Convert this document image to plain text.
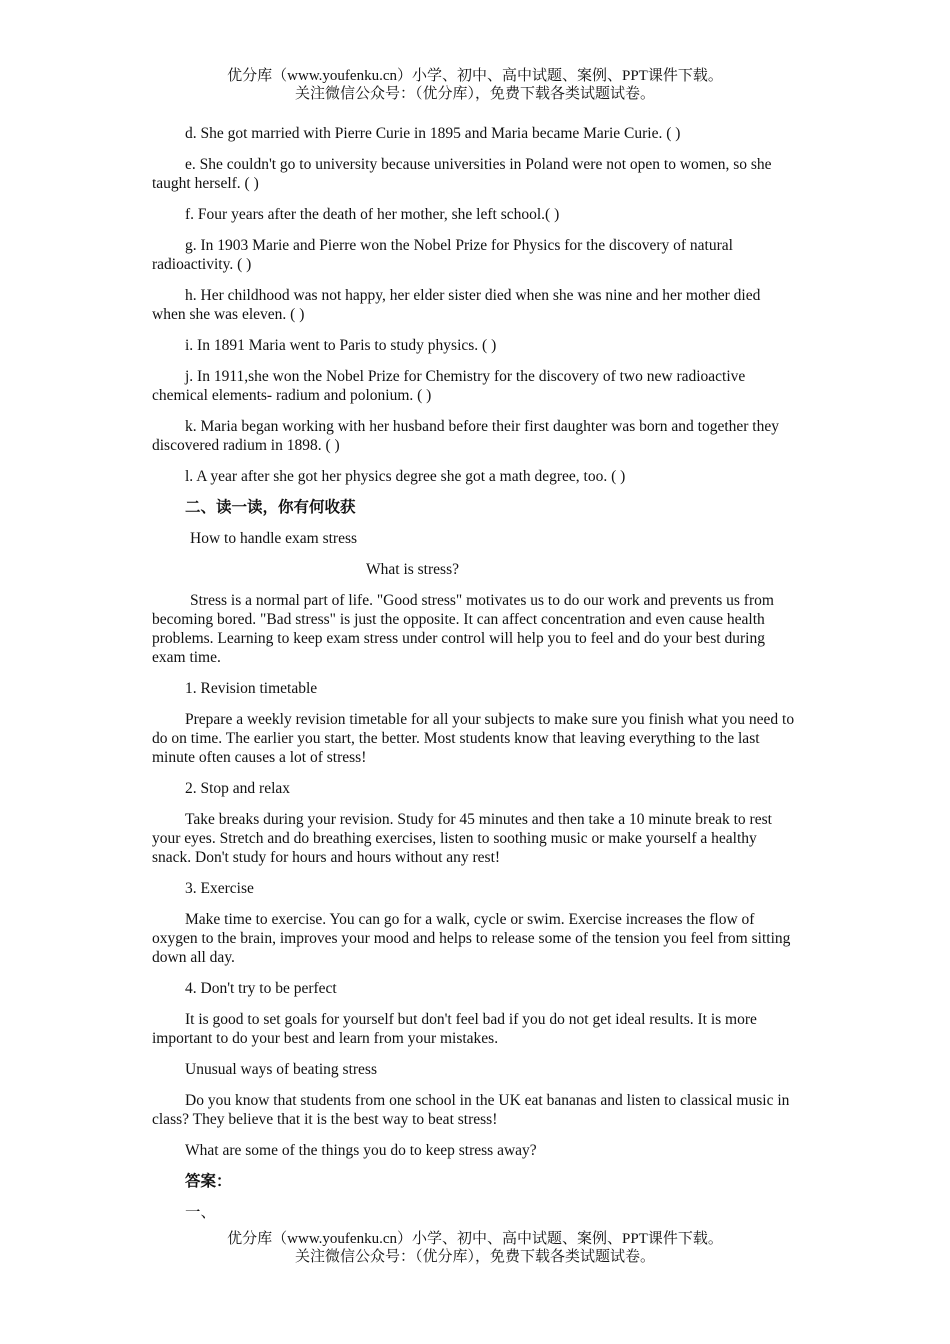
优分库（www.youfenku.cn）小学、初中、高中试题、案例、PPT课件下载。
关注微信公众号：（优分库），免费下载各类试题试卷。

d. She got married with Pierre Curie in 1895 and Maria became Marie Curie. ( )

e. She couldn't go to university because universities in Poland were not open to women, so she taught herself. ( )

f. Four years after the death of her mother, she left school.( )

g. In 1903 Marie and Pierre won the Nobel Prize for Physics for the discovery of natural radioactivity. ( )

h. Her childhood was not happy, her elder sister died when she was nine and her mother died when she was eleven. ( )

i. In 1891 Maria went to Paris to study physics. ( )

j. In 1911,she won the Nobel Prize for Chemistry for the discovery of two new radioactive chemical elements- radium and polonium. ( )

k. Maria began working with her husband before their first daughter was born and together they discovered radium in 1898. ( )

l. A year after she got her physics degree she got a math degree, too. ( )

二、读一读，你有何收获

How to handle exam stress

What is stress?

Stress is a normal part of life. "Good stress" motivates us to do our work and prevents us from becoming bored. "Bad stress" is just the opposite. It can affect concentration and even cause health problems. Learning to keep exam stress under control will help you to feel and do your best during exam time.

1. Revision timetable

Prepare a weekly revision timetable for all your subjects to make sure you finish what you need to do on time. The earlier you start, the better. Most students know that leaving everything to the last minute often causes a lot of stress!

2. Stop and relax

Take breaks during your revision. Study for 45 minutes and then take a 10 minute break to rest your eyes. Stretch and do breathing exercises, listen to soothing music or make yourself a healthy snack. Don't study for hours and hours without any rest!

3. Exercise

Make time to exercise. You can go for a walk, cycle or swim. Exercise increases the flow of oxygen to the brain, improves your mood and helps to release some of the tension you feel from sitting down all day.

4. Don't try to be perfect

It is good to set goals for yourself but don't feel bad if you do not get ideal results. It is more important to do your best and learn from your mistakes.

Unusual ways of beating stress

Do you know that students from one school in the UK eat bananas and listen to classical music in class? They believe that it is the best way to beat stress!

What are some of the things you do to keep stress away?

答案：

一、

优分库（www.youfenku.cn）小学、初中、高中试题、案例、PPT课件下载。
关注微信公众号：（优分库），免费下载各类试题试卷。
